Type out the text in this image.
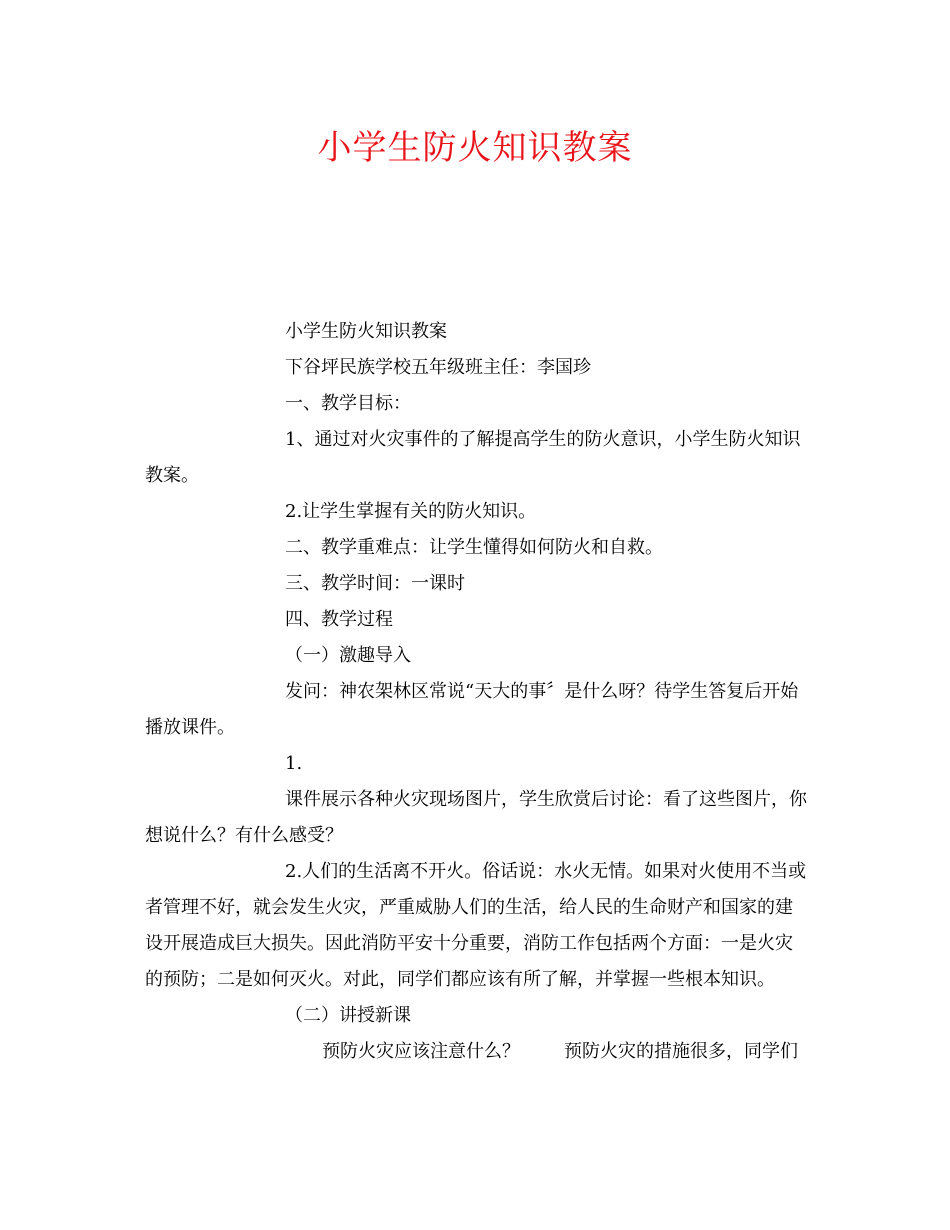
小学生防火知识教案

小学生防火知识教案

下谷坪民族学校五年级班主任：李国珍

一、教学目标：

1、通过对火灾事件的了解提高学生的防火意识，小学生防火知识教案。

2.让学生掌握有关的防火知识。

二、教学重难点：让学生懂得如何防火和自救。

三、教学时间：一课时

四、教学过程

（一）激趣导入

发问：神农架林区常说“天大的事〞是什么呀？待学生答复后开始播放课件。

1.

课件展示各种火灾现场图片，学生欣赏后讨论：看了这些图片，你想说什么？有什么感受？

2.人们的生活离不开火。俗话说：水火无情。如果对火使用不当或者管理不好，就会发生火灾，严重威胁人们的生活，给人民的生命财产和国家的建设开展造成巨大损失。因此消防平安十分重要，消防工作包括两个方面：一是火灾的预防；二是如何灭火。对此，同学们都应该有所了解，并掌握一些根本知识。

（二）讲授新课

预防火灾应该注意什么？ 预防火灾的措施很多，同学们
